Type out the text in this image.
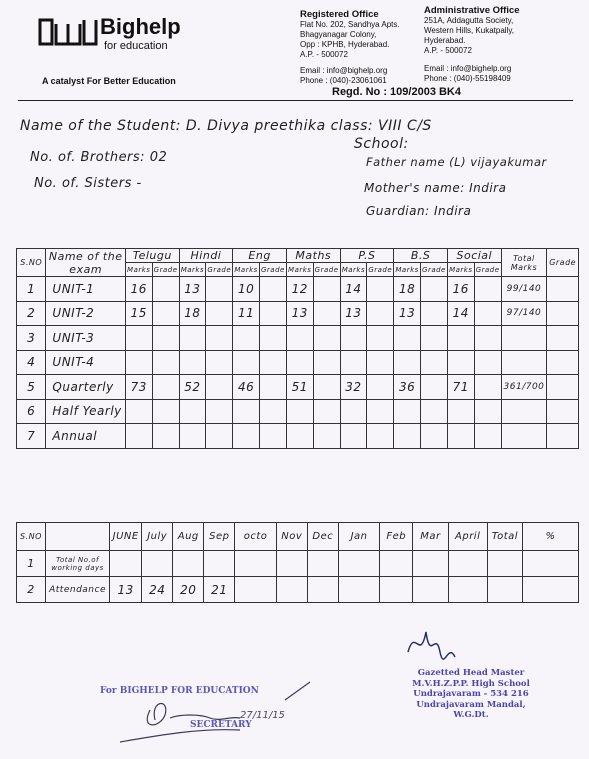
Bighelp
for education
A catalyst For Better Education
Registered Office
Flat No. 202, Sandhya Apts.
Bhagyanagar Colony,
Opp : KPHB, Hyderabad.
A.P. - 500072
Email : info@bighelp.org
Phone : (040)-23061061
Administrative Office
251A, Addagutta Society,
Western Hills, Kukatpally,
Hyderabad.
A.P. - 500072
Email : info@bighelp.org
Phone : (040)-55198409
Regd. No : 109/2003 BK4
Name of the Student: D. Divya preethika class: VIII C/S
School:
No. of. Brothers: 02	Father name (L) vijayakumar
No. of. Sisters -	Mother's name: Indira
Guardian: Indira
S.NO	Name of the exam	Telugu		Hindi		Eng		Maths		P.S		B.S		Social		Total Marks	Grade
		Marks	Grade	Marks	Grade	Marks	Grade	Marks	Grade	Marks	Grade	Marks	Grade	Marks	Grade		
1	UNIT-1	16		13		10		12		14		18		16		99/140	
2	UNIT-2	15		18		11		13		13		13		14		97/140	
3	UNIT-3																
4	UNIT-4																
5	Quarterly	73		52		46		51		32		36		71		361/700	
6	Half Yearly																
7	Annual																
S.NO		JUNE	July	Aug	Sep	octo	Nov	Dec	Jan	Feb	Mar	April	Total	%
1	Total No.of working days													
2	Attendance	13	24	20	21									
For BIGHELP FOR EDUCATION
SECRETARY
27/11/15
Gazetted Head Master
M.V.H.Z.P.P. High School
Undrajavaram - 534 216
Undrajavaram Mandal, W.G.Dt.
